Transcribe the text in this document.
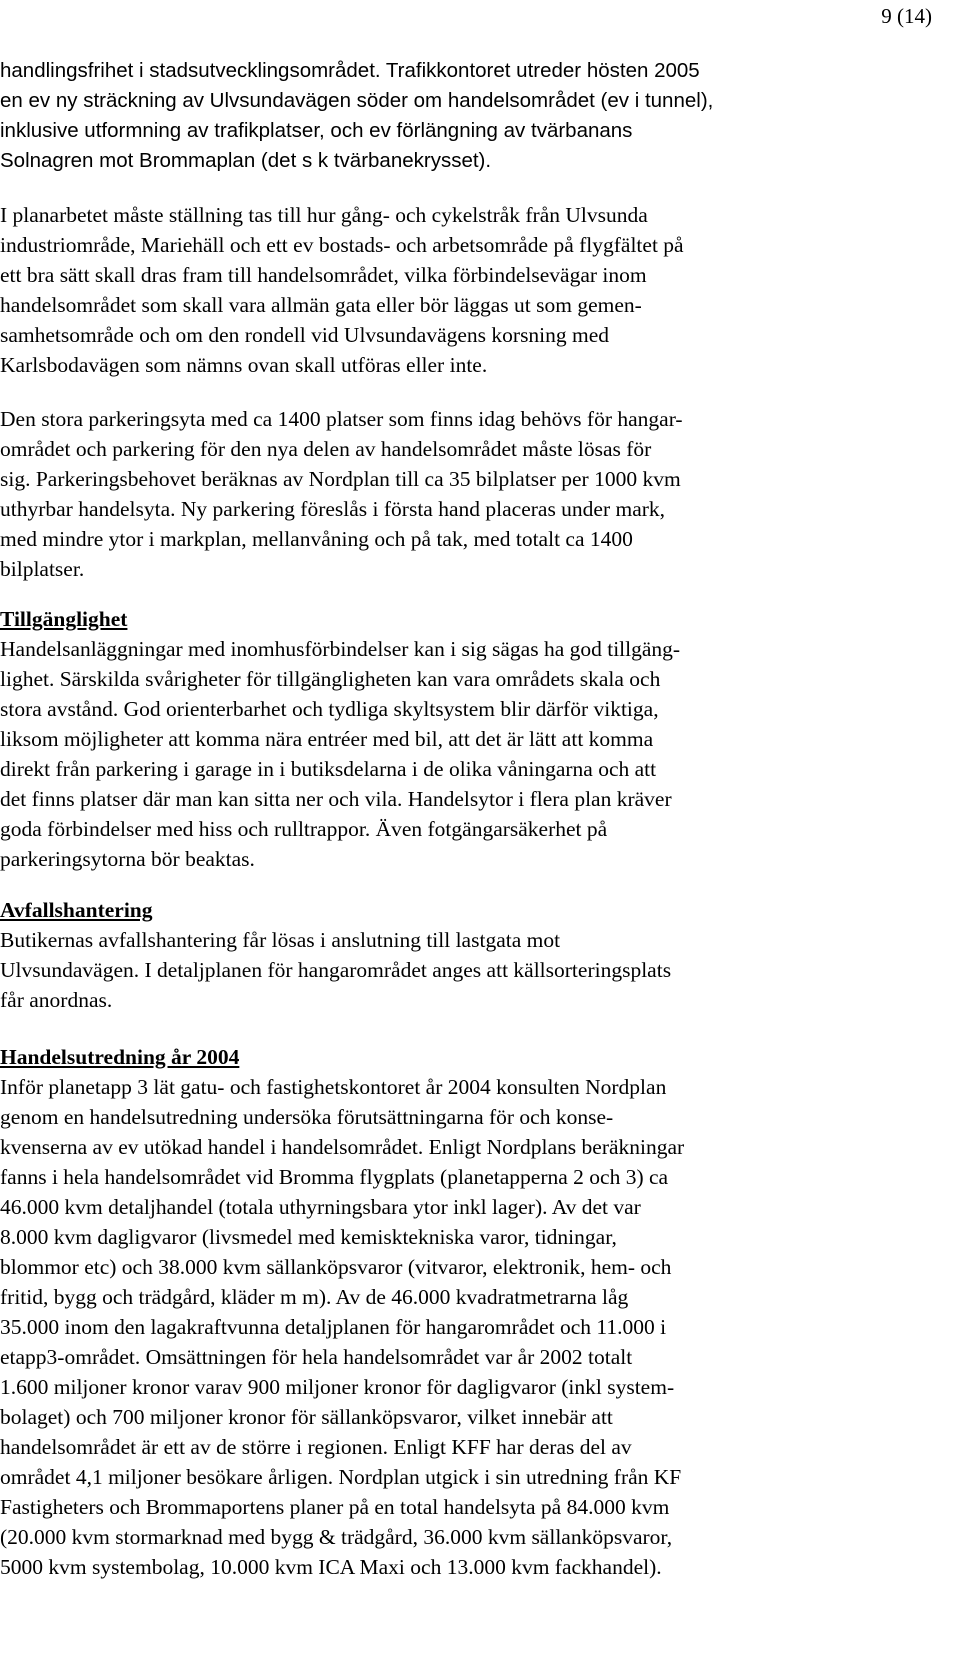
9 (14)
handlingsfrihet i stadsutvecklingsområdet. Trafikkontoret utreder hösten 2005
en ev ny sträckning av Ulvsundavägen söder om handelsområdet (ev i tunnel),
inklusive utformning av trafikplatser, och ev förlängning av tvärbanans
Solnagren mot Brommaplan (det s k tvärbanekrysset).
I planarbetet måste ställning tas till hur gång- och cykelstråk från Ulvsunda
industriområde, Mariehäll och ett ev bostads- och arbetsområde på flygfältet på
ett bra sätt skall dras fram till handelsområdet, vilka förbindelsevägar inom
handelsområdet som skall vara allmän gata eller bör läggas ut som gemen-
samhetsområde och om den rondell vid Ulvsundavägens korsning med
Karlsbodavägen som nämns ovan skall utföras eller inte.
Den stora parkeringsyta med ca 1400 platser som finns idag behövs för hangar-
området och parkering för den nya delen av handelsområdet måste lösas för
sig. Parkeringsbehovet beräknas av Nordplan till ca 35 bilplatser per 1000 kvm
uthyrbar handelsyta. Ny parkering föreslås i första hand placeras under mark,
med mindre ytor i markplan, mellanvåning och på tak, med totalt ca 1400
bilplatser.
Tillgänglighet
Handelsanläggningar med inomhusförbindelser kan i sig sägas ha god tillgäng-
lighet. Särskilda svårigheter för tillgängligheten kan vara områdets skala och
stora avstånd. God orienterbarhet och tydliga skyltsystem blir därför viktiga,
liksom möjligheter att komma nära entréer med bil, att det är lätt att komma
direkt från parkering i garage in i butiksdelarna i de olika våningarna och att
det finns platser där man kan sitta ner och vila. Handelsytor i flera plan kräver
goda förbindelser med hiss och rulltrappor. Även fotgängarsäkerhet på
parkeringsytorna bör beaktas.
Avfallshantering
Butikernas avfallshantering får lösas i anslutning till lastgata mot
Ulvsundavägen. I detaljplanen för hangarområdet anges att källsorteringsplats
får anordnas.
Handelsutredning år 2004
Inför planetapp 3 lät gatu- och fastighetskontoret år 2004 konsulten Nordplan
genom en handelsutredning undersöka förutsättningarna för och konse-
kvenserna av ev utökad handel i handelsområdet. Enligt Nordplans beräkningar
fanns i hela handelsområdet vid Bromma flygplats (planetapperna 2 och 3) ca
46.000 kvm detaljhandel (totala uthyrningsbara ytor inkl lager). Av det var
8.000 kvm dagligvaror (livsmedel med kemisktekniska varor, tidningar,
blommor etc) och 38.000 kvm sällanköpsvaror (vitvaror, elektronik, hem- och
fritid, bygg och trädgård, kläder m m). Av de 46.000 kvadratmetrarna låg
35.000 inom den lagakraftvunna detaljplanen för hangarområdet och 11.000 i
etapp3-området. Omsättningen för hela handelsområdet var år 2002 totalt
1.600 miljoner kronor varav 900 miljoner kronor för dagligvaror (inkl system-
bolaget) och 700 miljoner kronor för sällanköpsvaror, vilket innebär att
handelsområdet är ett av de större i regionen. Enligt KFF har deras del av
området 4,1 miljoner besökare årligen. Nordplan utgick i sin utredning från KF
Fastigheters och Brommaportens planer på en total handelsyta på 84.000 kvm
(20.000 kvm stormarknad med bygg & trädgård, 36.000 kvm sällanköpsvaror,
5000 kvm systembolag, 10.000 kvm ICA Maxi och 13.000 kvm fackhandel).
